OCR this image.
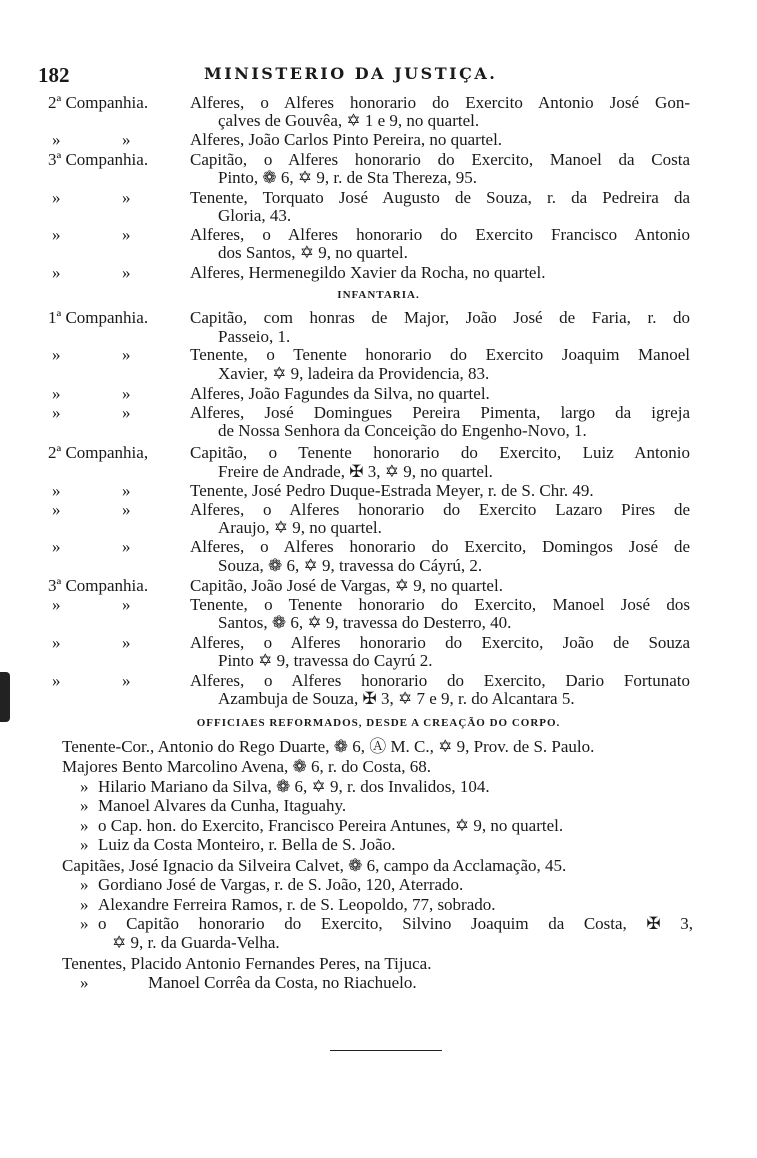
182	MINISTERIO DA JUSTIÇA.
INFANTARIA.
OFFICIAES REFORMADOS, DESDE A CREAÇÃO DO CORPO.
2ª Companhia. Alferes, o Alferes honorario do Exercito Antonio José Gon-
çalves de Gouvêa, ✡ 1 e 9, no quartel.
»	»	Alferes, João Carlos Pinto Pereira, no quartel.
3ª Companhia. Capitão, o Alferes honorario do Exercito, Manoel da Costa
Pinto, ❁ 6, ✡ 9, r. de Sta Thereza, 95.
»	»	Tenente, Torquato José Augusto de Souza, r. da Pedreira da
Gloria, 43.
»	»	Alferes, o Alferes honorario do Exercito Francisco Antonio
dos Santos, ✡ 9, no quartel.
»	»	Alferes, Hermenegildo Xavier da Rocha, no quartel.
1ª Companhia. Capitão, com honras de Major, João José de Faria, r. do
Passeio, 1.
»	»	Tenente, o Tenente honorario do Exercito Joaquim Manoel
Xavier, ✡ 9, ladeira da Providencia, 83.
»	»	Alferes, João Fagundes da Silva, no quartel.
»	»	Alferes, José Domingues Pereira Pimenta, largo da igreja
de Nossa Senhora da Conceição do Engenho-Novo, 1.
2ª Companhia, Capitão, o Tenente honorario do Exercito, Luiz Antonio
Freire de Andrade, ✠ 3, ✡ 9, no quartel.
»	»	Tenente, José Pedro Duque-Estrada Meyer, r. de S. Chr. 49.
»	»	Alferes, o Alferes honorario do Exercito Lazaro Pires de
Araujo, ✡ 9, no quartel.
»	»	Alferes, o Alferes honorario do Exercito, Domingos José de
Souza, ❁ 6, ✡ 9, travessa do Cáyrú, 2.
3ª Companhia. Capitão, João José de Vargas, ✡ 9, no quartel.
»	»	Tenente, o Tenente honorario do Exercito, Manoel José dos
Santos, ❁ 6, ✡ 9, travessa do Desterro, 40.
»	»	Alferes, o Alferes honorario do Exercito, João de Souza
Pinto ✡ 9, travessa do Cayrú 2.
»	»	Alferes, o Alferes honorario do Exercito, Dario Fortunato
Azambuja de Souza, ✠ 3, ✡ 7 e 9, r. do Alcantara 5.
Tenente-Cor., Antonio do Rego Duarte, ❁ 6, Ⓐ M. C., ✡ 9, Prov. de S. Paulo.
Majores Bento Marcolino Avena, ❁ 6, r. do Costa, 68.
» Hilario Mariano da Silva, ❁ 6, ✡ 9, r. dos Invalidos, 104.
» Manoel Alvares da Cunha, Itaguahy.
» o Cap. hon. do Exercito, Francisco Pereira Antunes, ✡ 9, no quartel.
» Luiz da Costa Monteiro, r. Bella de S. João.
Capitães, José Ignacio da Silveira Calvet, ❁ 6, campo da Acclamação, 45.
» Gordiano José de Vargas, r. de S. João, 120, Aterrado.
» Alexandre Ferreira Ramos, r. de S. Leopoldo, 77, sobrado.
» o Capitão honorario do Exercito, Silvino Joaquim da Costa, ✠ 3,
✡ 9, r. da Guarda-Velha.
Tenentes, Placido Antonio Fernandes Peres, na Tijuca.
»	Manoel Corrêa da Costa, no Riachuelo.
